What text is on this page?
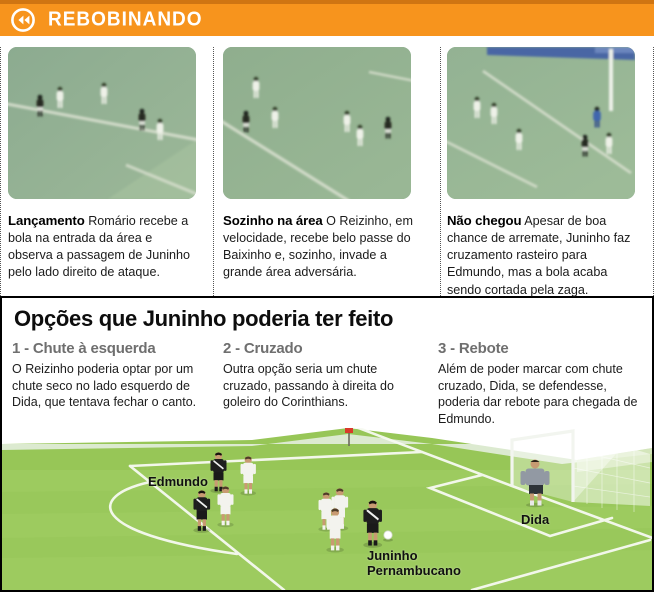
REBOBINANDO

Lançamento Romário recebe a bola na entrada da área e observa a passagem de Juninho pelo lado direito de ataque.

Sozinho na área O Reizinho, em velocidade, recebe belo passe do Baixinho e, sozinho, invade a grande área adversária.

Não chegou Apesar de boa chance de arremate, Juninho faz cruzamento rasteiro para Edmundo, mas a bola acaba sendo cortada pela zaga.

Opções que Juninho poderia ter feito
1 - Chute à esquerda

O Reizinho poderia optar por um chute seco no lado esquerdo de Dida, que tentava fechar o canto.

2 - Cruzado

Outra opção seria um chute cruzado, passando à direita do goleiro do Corinthians.

3 - Rebote

Além de poder marcar com chute cruzado, Dida, se defendesse, poderia dar rebote para chegada de Edmundo.

Edmundo
Juninho
Pernambucano
Dida
